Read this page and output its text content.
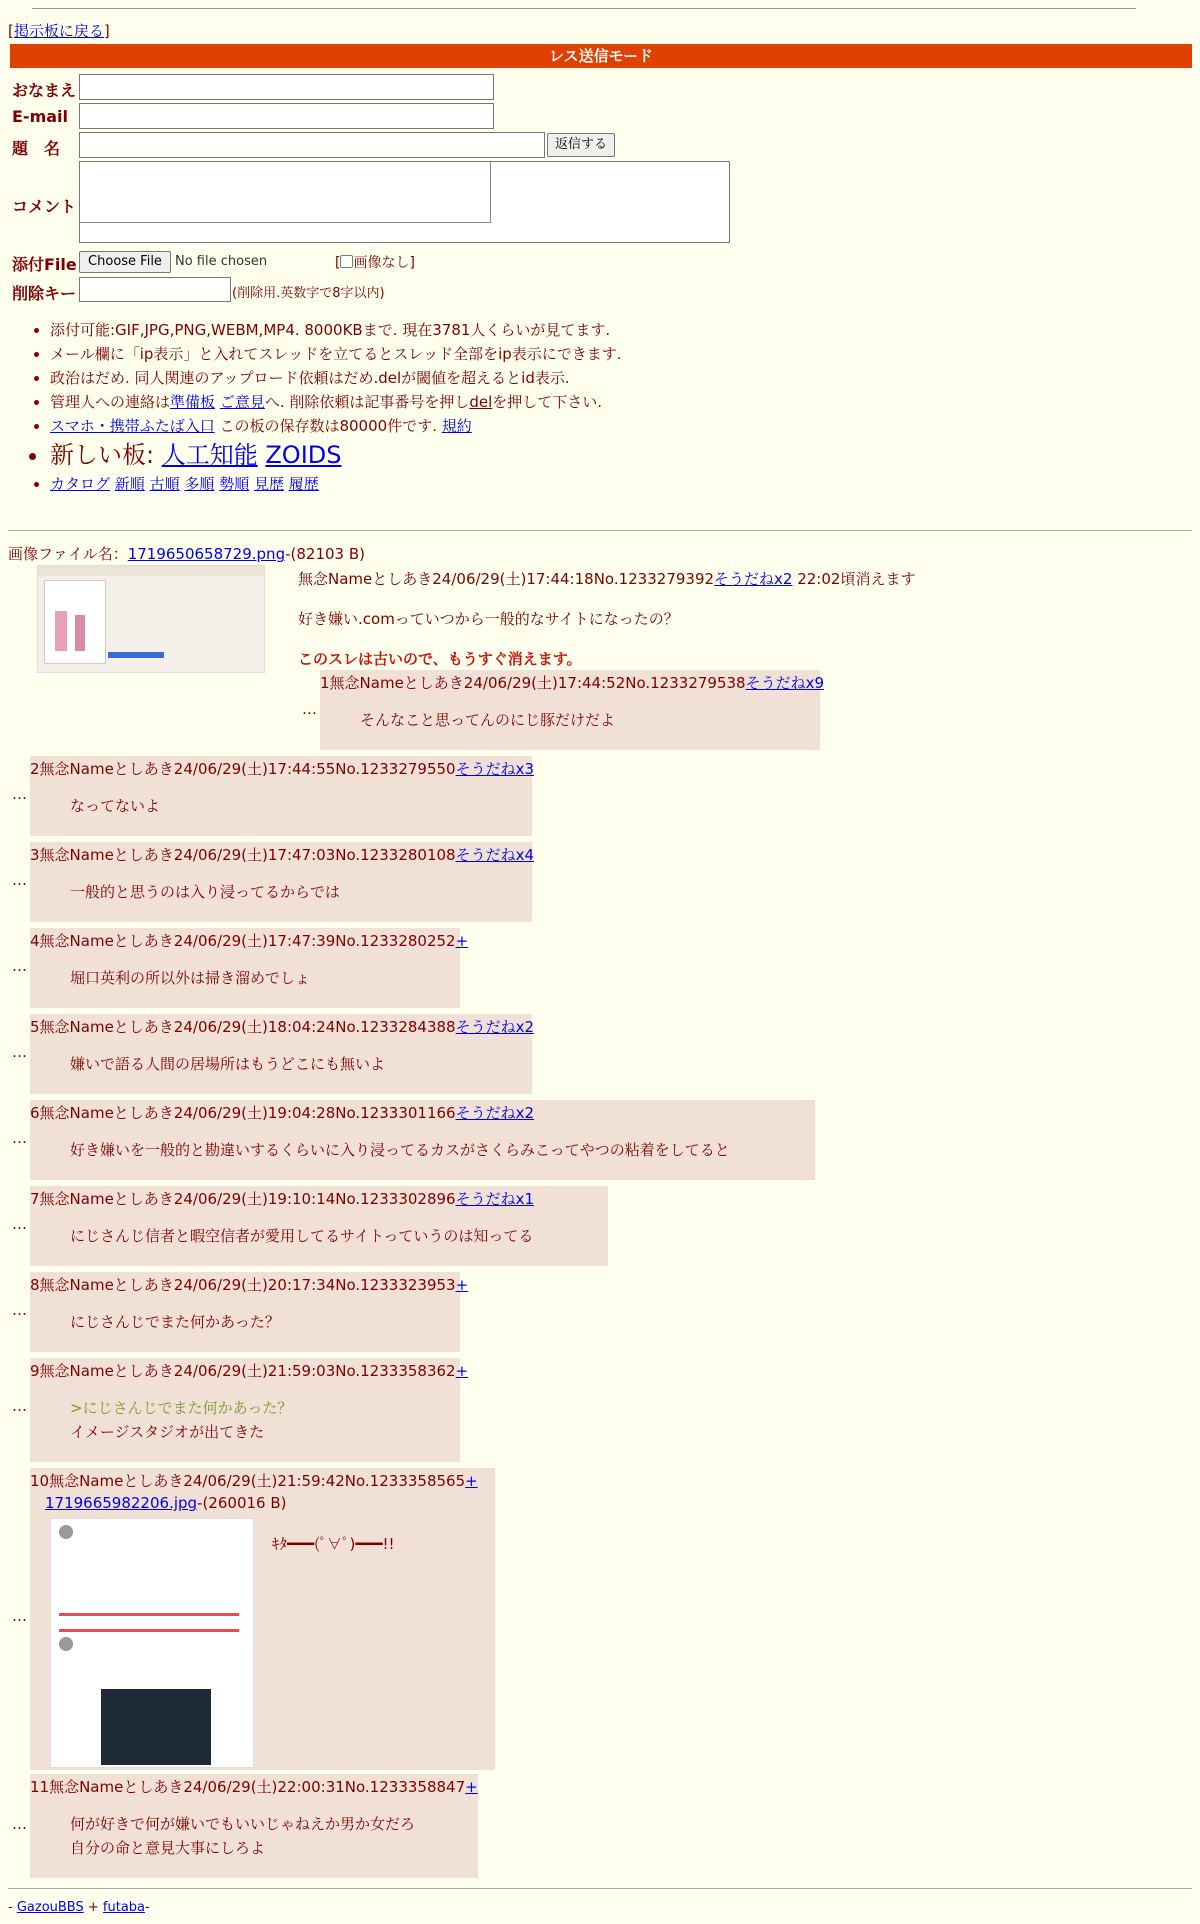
[掲示板に戻る]
レス送信モード
おなまえ
E-mail
題　名	返信する
コメント
添付File Choose File	No file chosen	[ 画像なし]
削除キー	(削除用.英数字で8字以内)
• 添付可能:GIF,JPG,PNG,WEBM,MP4. 8000KBまで. 現在3781人くらいが見てます.
• メール欄に「ip表示」と入れてスレッドを立てるとスレッド全部をip表示にできます.
• 政治はだめ. 同人関連のアップロード依頼はだめ.delが閾値を超えるとid表示.
• 管理人への連絡は準備板 ご意見へ. 削除依頼は記事番号を押しdelを押して下さい.
• スマホ・携帯ふたば入口 この板の保存数は80000件です. 規約
• 新しい板: 人工知能 ZOIDS
• カタログ 新順 古順 多順 勢順 見歴 履歴
画像ファイル名：1719650658729.png-(82103 B)
無念Nameとしあき24/06/29(土)17:44:18No.1233279392そうだねx2 22:02頃消えます
好き嫌い.comっていつから一般的なサイトになったの？
このスレは古いので、もうすぐ消えます。
…
1無念Nameとしあき24/06/29(土)17:44:52No.1233279538そうだねx9
そんなこと思ってんのにじ豚だけだよ
…
2無念Nameとしあき24/06/29(土)17:44:55No.1233279550そうだねx3
なってないよ
…
3無念Nameとしあき24/06/29(土)17:47:03No.1233280108そうだねx4
一般的と思うのは入り浸ってるからでは
…
4無念Nameとしあき24/06/29(土)17:47:39No.1233280252+
堀口英利の所以外は掃き溜めでしょ
…
5無念Nameとしあき24/06/29(土)18:04:24No.1233284388そうだねx2
嫌いで語る人間の居場所はもうどこにも無いよ
…
6無念Nameとしあき24/06/29(土)19:04:28No.1233301166そうだねx2
好き嫌いを一般的と勘違いするくらいに入り浸ってるカスがさくらみこってやつの粘着をしてると
…
7無念Nameとしあき24/06/29(土)19:10:14No.1233302896そうだねx1
にじさんじ信者と暇空信者が愛用してるサイトっていうのは知ってる
…
8無念Nameとしあき24/06/29(土)20:17:34No.1233323953+
にじさんじでまた何かあった？
…
9無念Nameとしあき24/06/29(土)21:59:03No.1233358362+
>にじさんじでまた何かあった？
イメージスタジオが出てきた
…
10無念Nameとしあき24/06/29(土)21:59:42No.1233358565+
1719665982206.jpg-(260016 B)
ｷﾀ━━━(ﾟ∀ﾟ)━━━!!
…
11無念Nameとしあき24/06/29(土)22:00:31No.1233358847+
何が好きで何が嫌いでもいいじゃねえか男か女だろ
自分の命と意見大事にしろよ
- GazouBBS + futaba-
